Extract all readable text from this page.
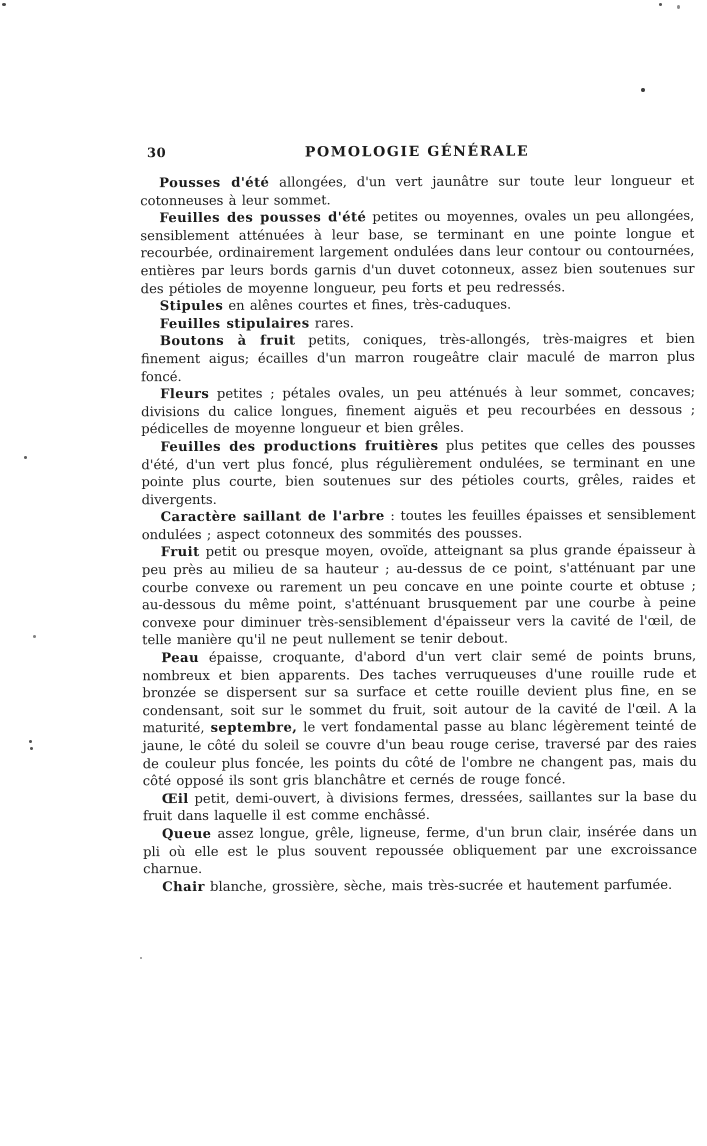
30	POMOLOGIE GÉNÉRALE

Pousses d'été allongées, d'un vert jaunâtre sur toute leur longueur et cotonneuses à leur sommet.

Feuilles des pousses d'été petites ou moyennes, ovales un peu allongées, sensiblement atténuées à leur base, se terminant en une pointe longue et recourbée, ordinairement largement ondulées dans leur contour ou contournées, entières par leurs bords garnis d'un duvet cotonneux, assez bien soutenues sur des pétioles de moyenne longueur, peu forts et peu redressés.

Stipules en alênes courtes et fines, très-caduques.

Feuilles stipulaires rares.

Boutons à fruit petits, coniques, très-allongés, très-maigres et bien finement aigus; écailles d'un marron rougeâtre clair maculé de marron plus foncé.

Fleurs petites ; pétales ovales, un peu atténués à leur sommet, concaves; divisions du calice longues, finement aiguës et peu recourbées en dessous ; pédicelles de moyenne longueur et bien grêles.

Feuilles des productions fruitières plus petites que celles des pousses d'été, d'un vert plus foncé, plus régulièrement ondulées, se terminant en une pointe plus courte, bien soutenues sur des pétioles courts, grêles, raides et divergents.

Caractère saillant de l'arbre : toutes les feuilles épaisses et sensiblement ondulées ; aspect cotonneux des sommités des pousses.

Fruit petit ou presque moyen, ovoïde, atteignant sa plus grande épaisseur à peu près au milieu de sa hauteur ; au-dessus de ce point, s'atténuant par une courbe convexe ou rarement un peu concave en une pointe courte et obtuse ; au-dessous du même point, s'atténuant brusquement par une courbe à peine convexe pour diminuer très-sensiblement d'épaisseur vers la cavité de l'œil, de telle manière qu'il ne peut nullement se tenir debout.

Peau épaisse, croquante, d'abord d'un vert clair semé de points bruns, nombreux et bien apparents. Des taches verruqueuses d'une rouille rude et bronzée se dispersent sur sa surface et cette rouille devient plus fine, en se condensant, soit sur le sommet du fruit, soit autour de la cavité de l'œil. A la maturité, septembre, le vert fondamental passe au blanc légèrement teinté de jaune, le côté du soleil se couvre d'un beau rouge cerise, traversé par des raies de couleur plus foncée, les points du côté de l'ombre ne changent pas, mais du côté opposé ils sont gris blanchâtre et cernés de rouge foncé.

Œil petit, demi-ouvert, à divisions fermes, dressées, saillantes sur la base du fruit dans laquelle il est comme enchâssé.

Queue assez longue, grêle, ligneuse, ferme, d'un brun clair, insérée dans un pli où elle est le plus souvent repoussée obliquement par une excroissance charnue.

Chair blanche, grossière, sèche, mais très-sucrée et hautement parfumée.
